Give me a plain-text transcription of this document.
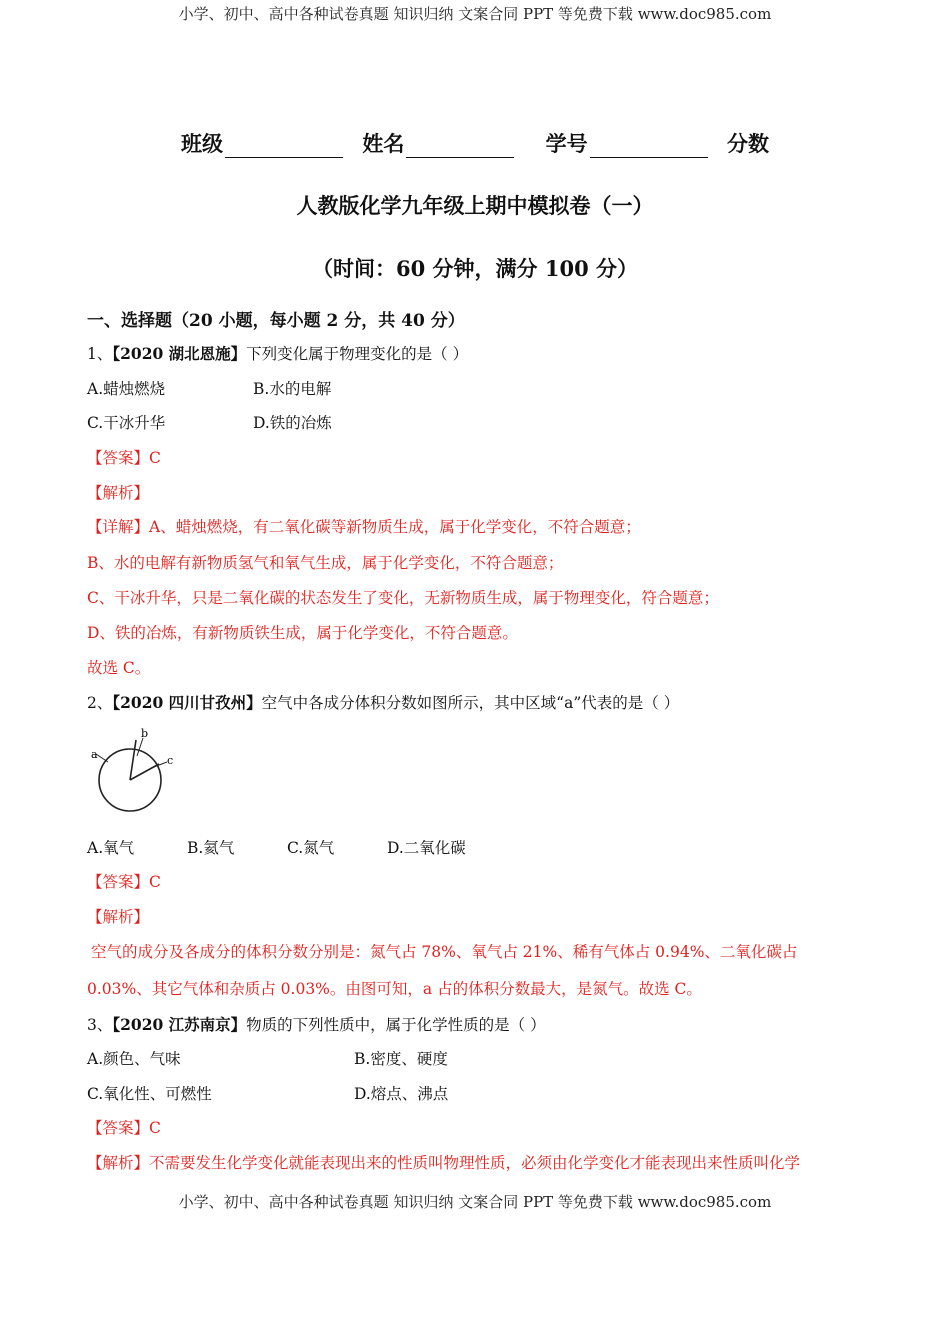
小学、初中、高中各种试卷真题 知识归纳 文案合同 PPT 等免费下载 www.doc985.com
班级	姓名	学号	分数
人教版化学九年级上期中模拟卷（一）
（时间：60 分钟，满分 100 分）
一、选择题（20 小题，每小题 2 分，共 40 分）
1、【2020 湖北恩施】下列变化属于物理变化的是（ ）
A.蜡烛燃烧	B.水的电解
C.干冰升华	D.铁的冶炼
【答案】C
【解析】
【详解】A、蜡烛燃烧，有二氧化碳等新物质生成，属于化学变化，不符合题意；
B、水的电解有新物质氢气和氧气生成，属于化学变化，不符合题意；
C、干冰升华，只是二氧化碳的状态发生了变化，无新物质生成，属于物理变化，符合题意；
D、铁的冶炼，有新物质铁生成，属于化学变化，不符合题意。
故选 C。
2、【2020 四川甘孜州】空气中各成分体积分数如图所示，其中区域“a”代表的是（ ）
a
b
c
A.氧气	B.氦气	C.氮气	D.二氧化碳
【答案】C
【解析】
空气的成分及各成分的体积分数分别是：氮气占 78%、氧气占 21%、稀有气体占 0.94%、二氧化碳占
0.03%、其它气体和杂质占 0.03%。由图可知，a 占的体积分数最大，是氮气。故选 C。
3、【2020 江苏南京】物质的下列性质中，属于化学性质的是（ ）
A.颜色、气味	B.密度、硬度
C.氧化性、可燃性	D.熔点、沸点
【答案】C
【解析】不需要发生化学变化就能表现出来的性质叫物理性质，必须由化学变化才能表现出来性质叫化学
小学、初中、高中各种试卷真题 知识归纳 文案合同 PPT 等免费下载 www.doc985.com
